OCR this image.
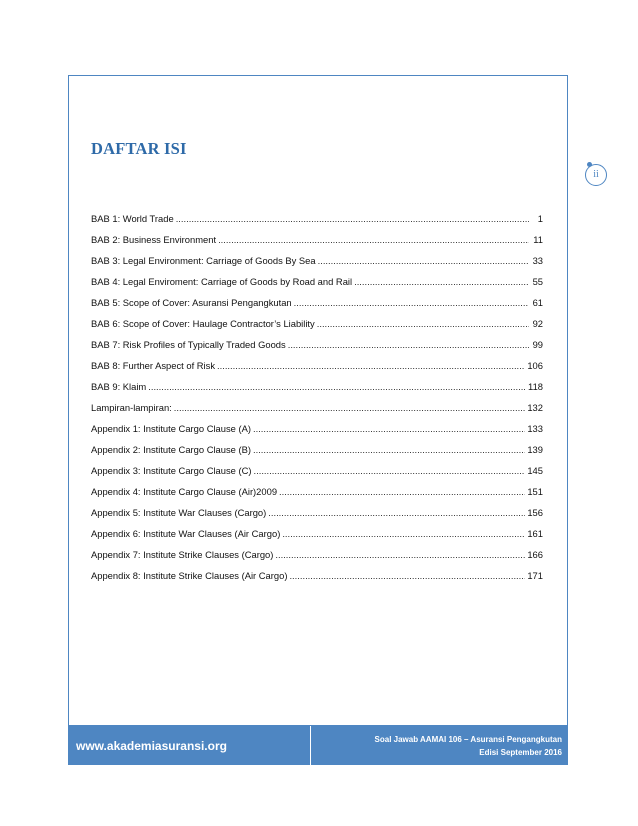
ii
DAFTAR ISI
BAB 1: World Trade .....	1
BAB 2: Business Environment .....	11
BAB 3: Legal Environment: Carriage of Goods By Sea .....	33
BAB 4: Legal Enviroment: Carriage of Goods by Road and Rail .....	55
BAB 5: Scope of Cover: Asuransi Pengangkutan .....	61
BAB 6: Scope of Cover: Haulage Contractor’s Liability .....	92
BAB 7: Risk Profiles of Typically Traded Goods .....	99
BAB 8: Further Aspect of Risk .....	106
BAB 9: Klaim .....	118
Lampiran-lampiran: .....	132
Appendix 1: Institute Cargo Clause (A) .....	133
Appendix 2: Institute Cargo Clause (B) .....	139
Appendix 3: Institute Cargo Clause (C) .....	145
Appendix 4: Institute Cargo Clause (Air)2009 .....	151
Appendix 5: Institute War Clauses (Cargo) .....	156
Appendix 6: Institute War Clauses (Air Cargo) .....	161
Appendix 7: Institute Strike Clauses (Cargo) .....	166
Appendix 8: Institute Strike Clauses (Air Cargo) .....	171
www.akademiasuransi.org	Soal Jawab AAMAI 106 – Asuransi Pengangkutan
Edisi September 2016
